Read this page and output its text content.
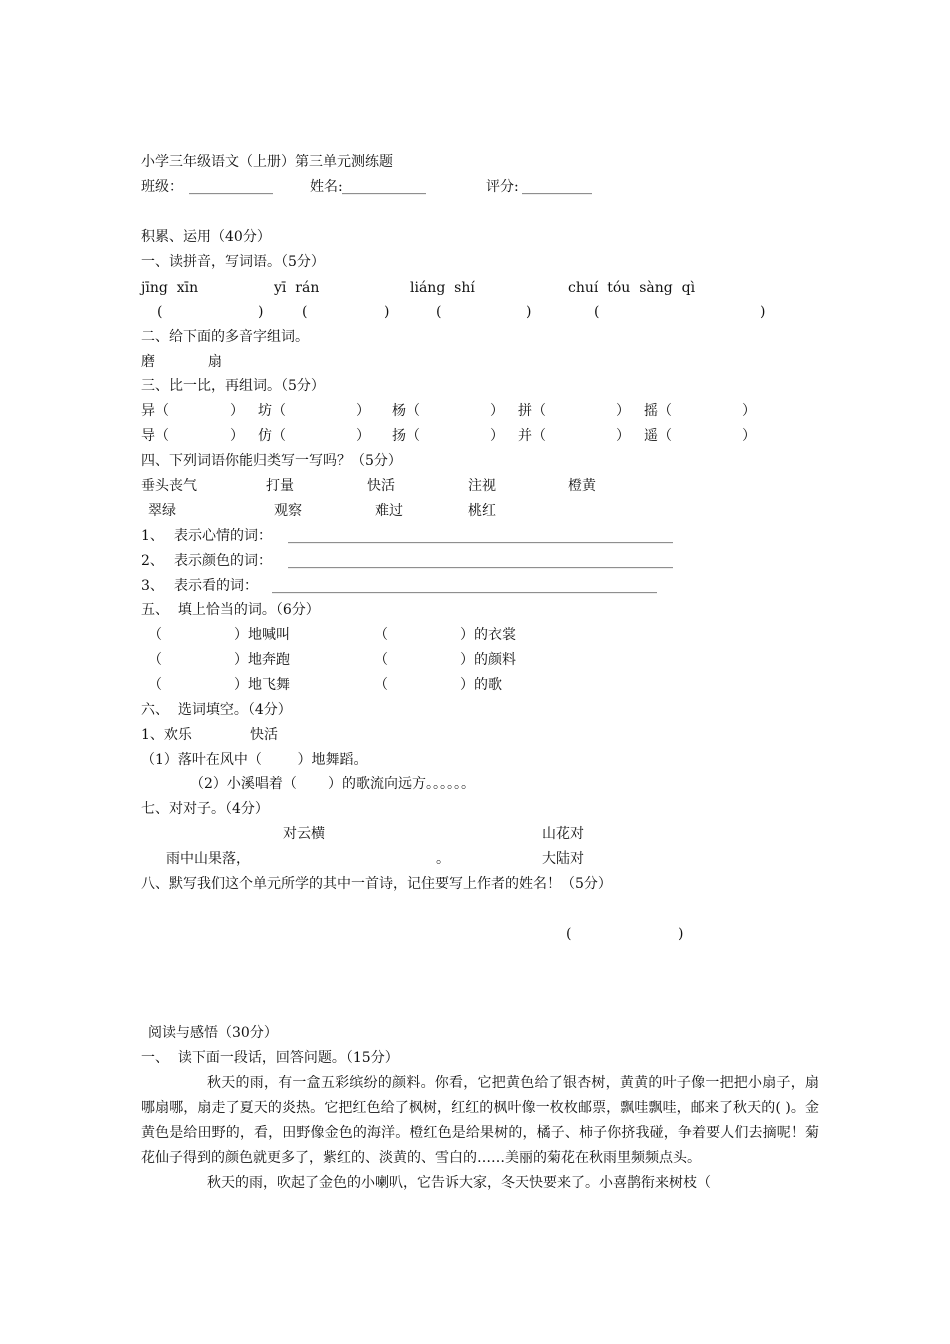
小学三年级语文（上册）第三单元测练题
班级： ____________	姓名: ____________	评分: __________
积累、运用（40分）
一、读拼音，写词语。（5分）
jīng  xīn	yī  rán	liáng  shí	chuí  tóu  sàng  qì
(	)	(	)	(	)	(	)
二、给下面的多音字组词。
磨	扇
三、比一比，再组词。（5分）
异（	） 坊（	） 杨（	） 拼（	） 摇（	）
导（	） 仿（	） 扬（	） 并（	） 遥（	）
四、下列词语你能归类写一写吗？（5分）
垂头丧气	打量	快活	注视	橙黄
翠绿	观察	难过	桃红
1、 表示心情的词： _______________________________________________________
2、 表示颜色的词： _______________________________________________________
3、 表示看的词： _______________________________________________________
五、  填上恰当的词。（6分）
（	）地喊叫	（	）的衣裳
（	）地奔跑	（	）的颜料
（	）地飞舞	（	）的歌
六、  选词填空。（4分）
1、欢乐	快活
（1）落叶在风中（        ）地舞蹈。
（2）小溪唱着（       ）的歌流向远方。。。。。。
七、对对子。（4分）
对云横	山花对
雨中山果落，	。	大陆对
八、默写我们这个单元所学的其中一首诗，记住要写上作者的姓名！（5分）
(	)
阅读与感悟（30分）
一、  读下面一段话，回答问题。（15分）

秋天的雨，有一盒五彩缤纷的颜料。你看，它把黄色给了银杏树，黄黄的叶子像一把把小扇子，扇哪扇哪，扇走了夏天的炎热。它把红色给了枫树，红红的枫叶像一枚枚邮票，飘哇飘哇，邮来了秋天的( )。金黄色是给田野的，看，田野像金色的海洋。橙红色是给果树的，橘子、柿子你挤我碰，争着要人们去摘呢！菊花仙子得到的颜色就更多了，紫红的、淡黄的、雪白的……美丽的菊花在秋雨里频频点头。

秋天的雨，吹起了金色的小喇叭，它告诉大家，冬天快要来了。小喜鹊衔来树枝（
